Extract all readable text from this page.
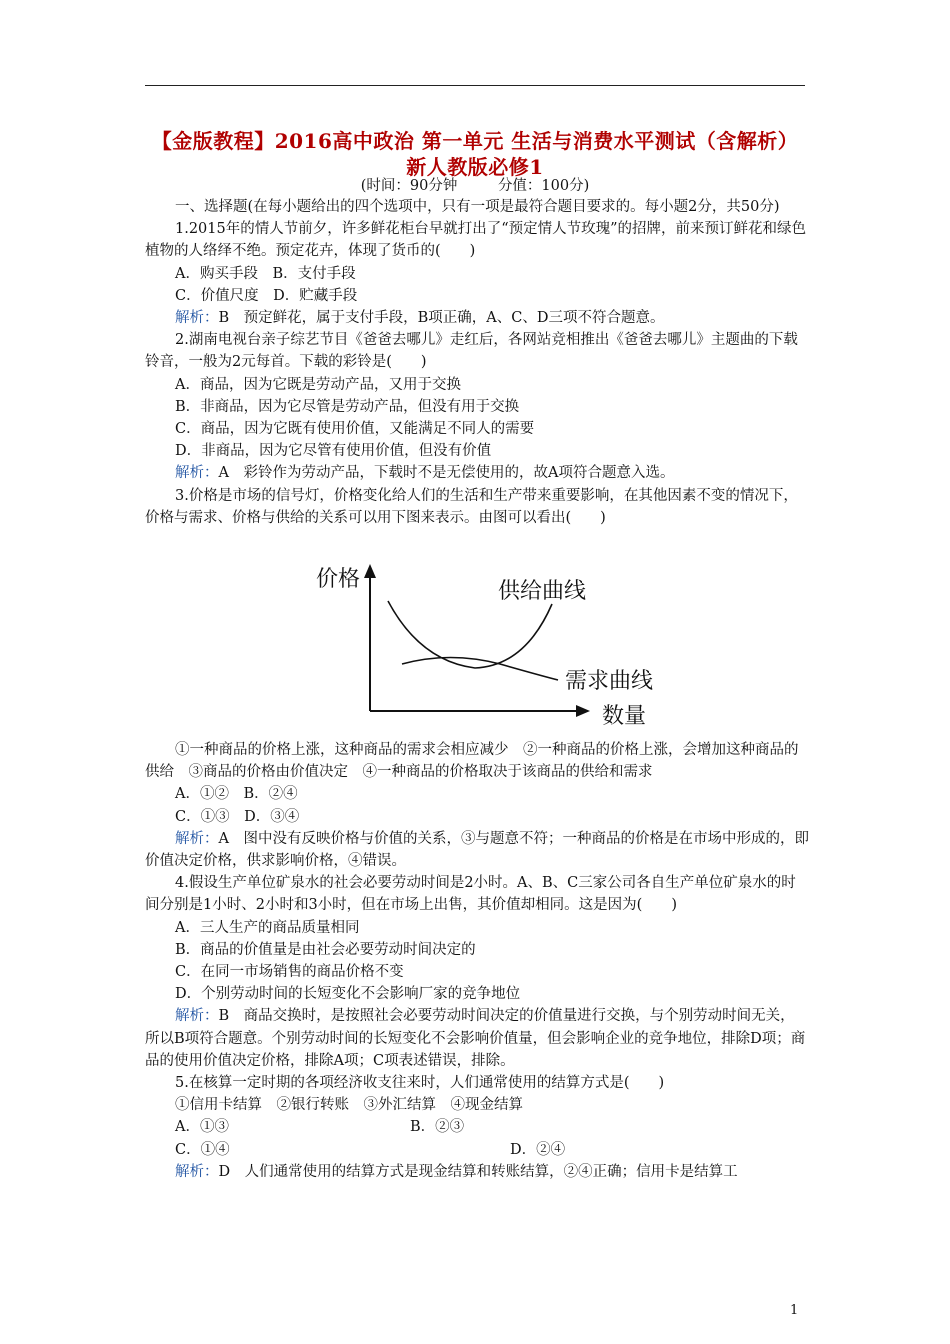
【金版教程】2016高中政治 第一单元 生活与消费水平测试（含解析）
新人教版必修1
(时间：90分钟	分值：100分)

一、选择题(在每小题给出的四个选项中，只有一项是最符合题目要求的。每小题2分，共50分)

1.2015年的情人节前夕，许多鲜花柜台早就打出了“预定情人节玫瑰”的招牌，前来预订鲜花和绿色植物的人络绎不绝。预定花卉，体现了货币的(　　)

A．购买手段　B．支付手段

C．价值尺度　D．贮藏手段

解析：B　预定鲜花，属于支付手段，B项正确，A、C、D三项不符合题意。

2.湖南电视台亲子综艺节目《爸爸去哪儿》走红后，各网站竞相推出《爸爸去哪儿》主题曲的下载铃音，一般为2元每首。下载的彩铃是(　　)

A．商品，因为它既是劳动产品，又用于交换

B．非商品，因为它尽管是劳动产品，但没有用于交换

C．商品，因为它既有使用价值，又能满足不同人的需要

D．非商品，因为它尽管有使用价值，但没有价值

解析：A　彩铃作为劳动产品，下载时不是无偿使用的，故A项符合题意入选。

3.价格是市场的信号灯，价格变化给人们的生活和生产带来重要影响，在其他因素不变的情况下，价格与需求、价格与供给的关系可以用下图来表示。由图可以看出(　　)

价格	供给曲线
需求曲线
数量

①一种商品的价格上涨，这种商品的需求会相应减少　②一种商品的价格上涨，会增加这种商品的供给　③商品的价格由价值决定　④一种商品的价格取决于该商品的供给和需求

A．①②　B．②④

C．①③　D．③④

解析：A　图中没有反映价格与价值的关系，③与题意不符；一种商品的价格是在市场中形成的，即价值决定价格，供求影响价格，④错误。

4.假设生产单位矿泉水的社会必要劳动时间是2小时。A、B、C三家公司各自生产单位矿泉水的时间分别是1小时、2小时和3小时，但在市场上出售，其价值却相同。这是因为(　　)

A．三人生产的商品质量相同

B．商品的价值量是由社会必要劳动时间决定的

C．在同一市场销售的商品价格不变

D．个别劳动时间的长短变化不会影响厂家的竞争地位

解析：B　商品交换时，是按照社会必要劳动时间决定的价值量进行交换，与个别劳动时间无关，所以B项符合题意。个别劳动时间的长短变化不会影响价值量，但会影响企业的竞争地位，排除D项；商品的使用价值决定价格，排除A项；C项表述错误，排除。

5.在核算一定时期的各项经济收支往来时，人们通常使用的结算方式是(　　)

①信用卡结算　②银行转账　③外汇结算　④现金结算

A．①③	B．②③

C．①④	D．②④

解析：D　人们通常使用的结算方式是现金结算和转账结算，②④正确；信用卡是结算工

1
